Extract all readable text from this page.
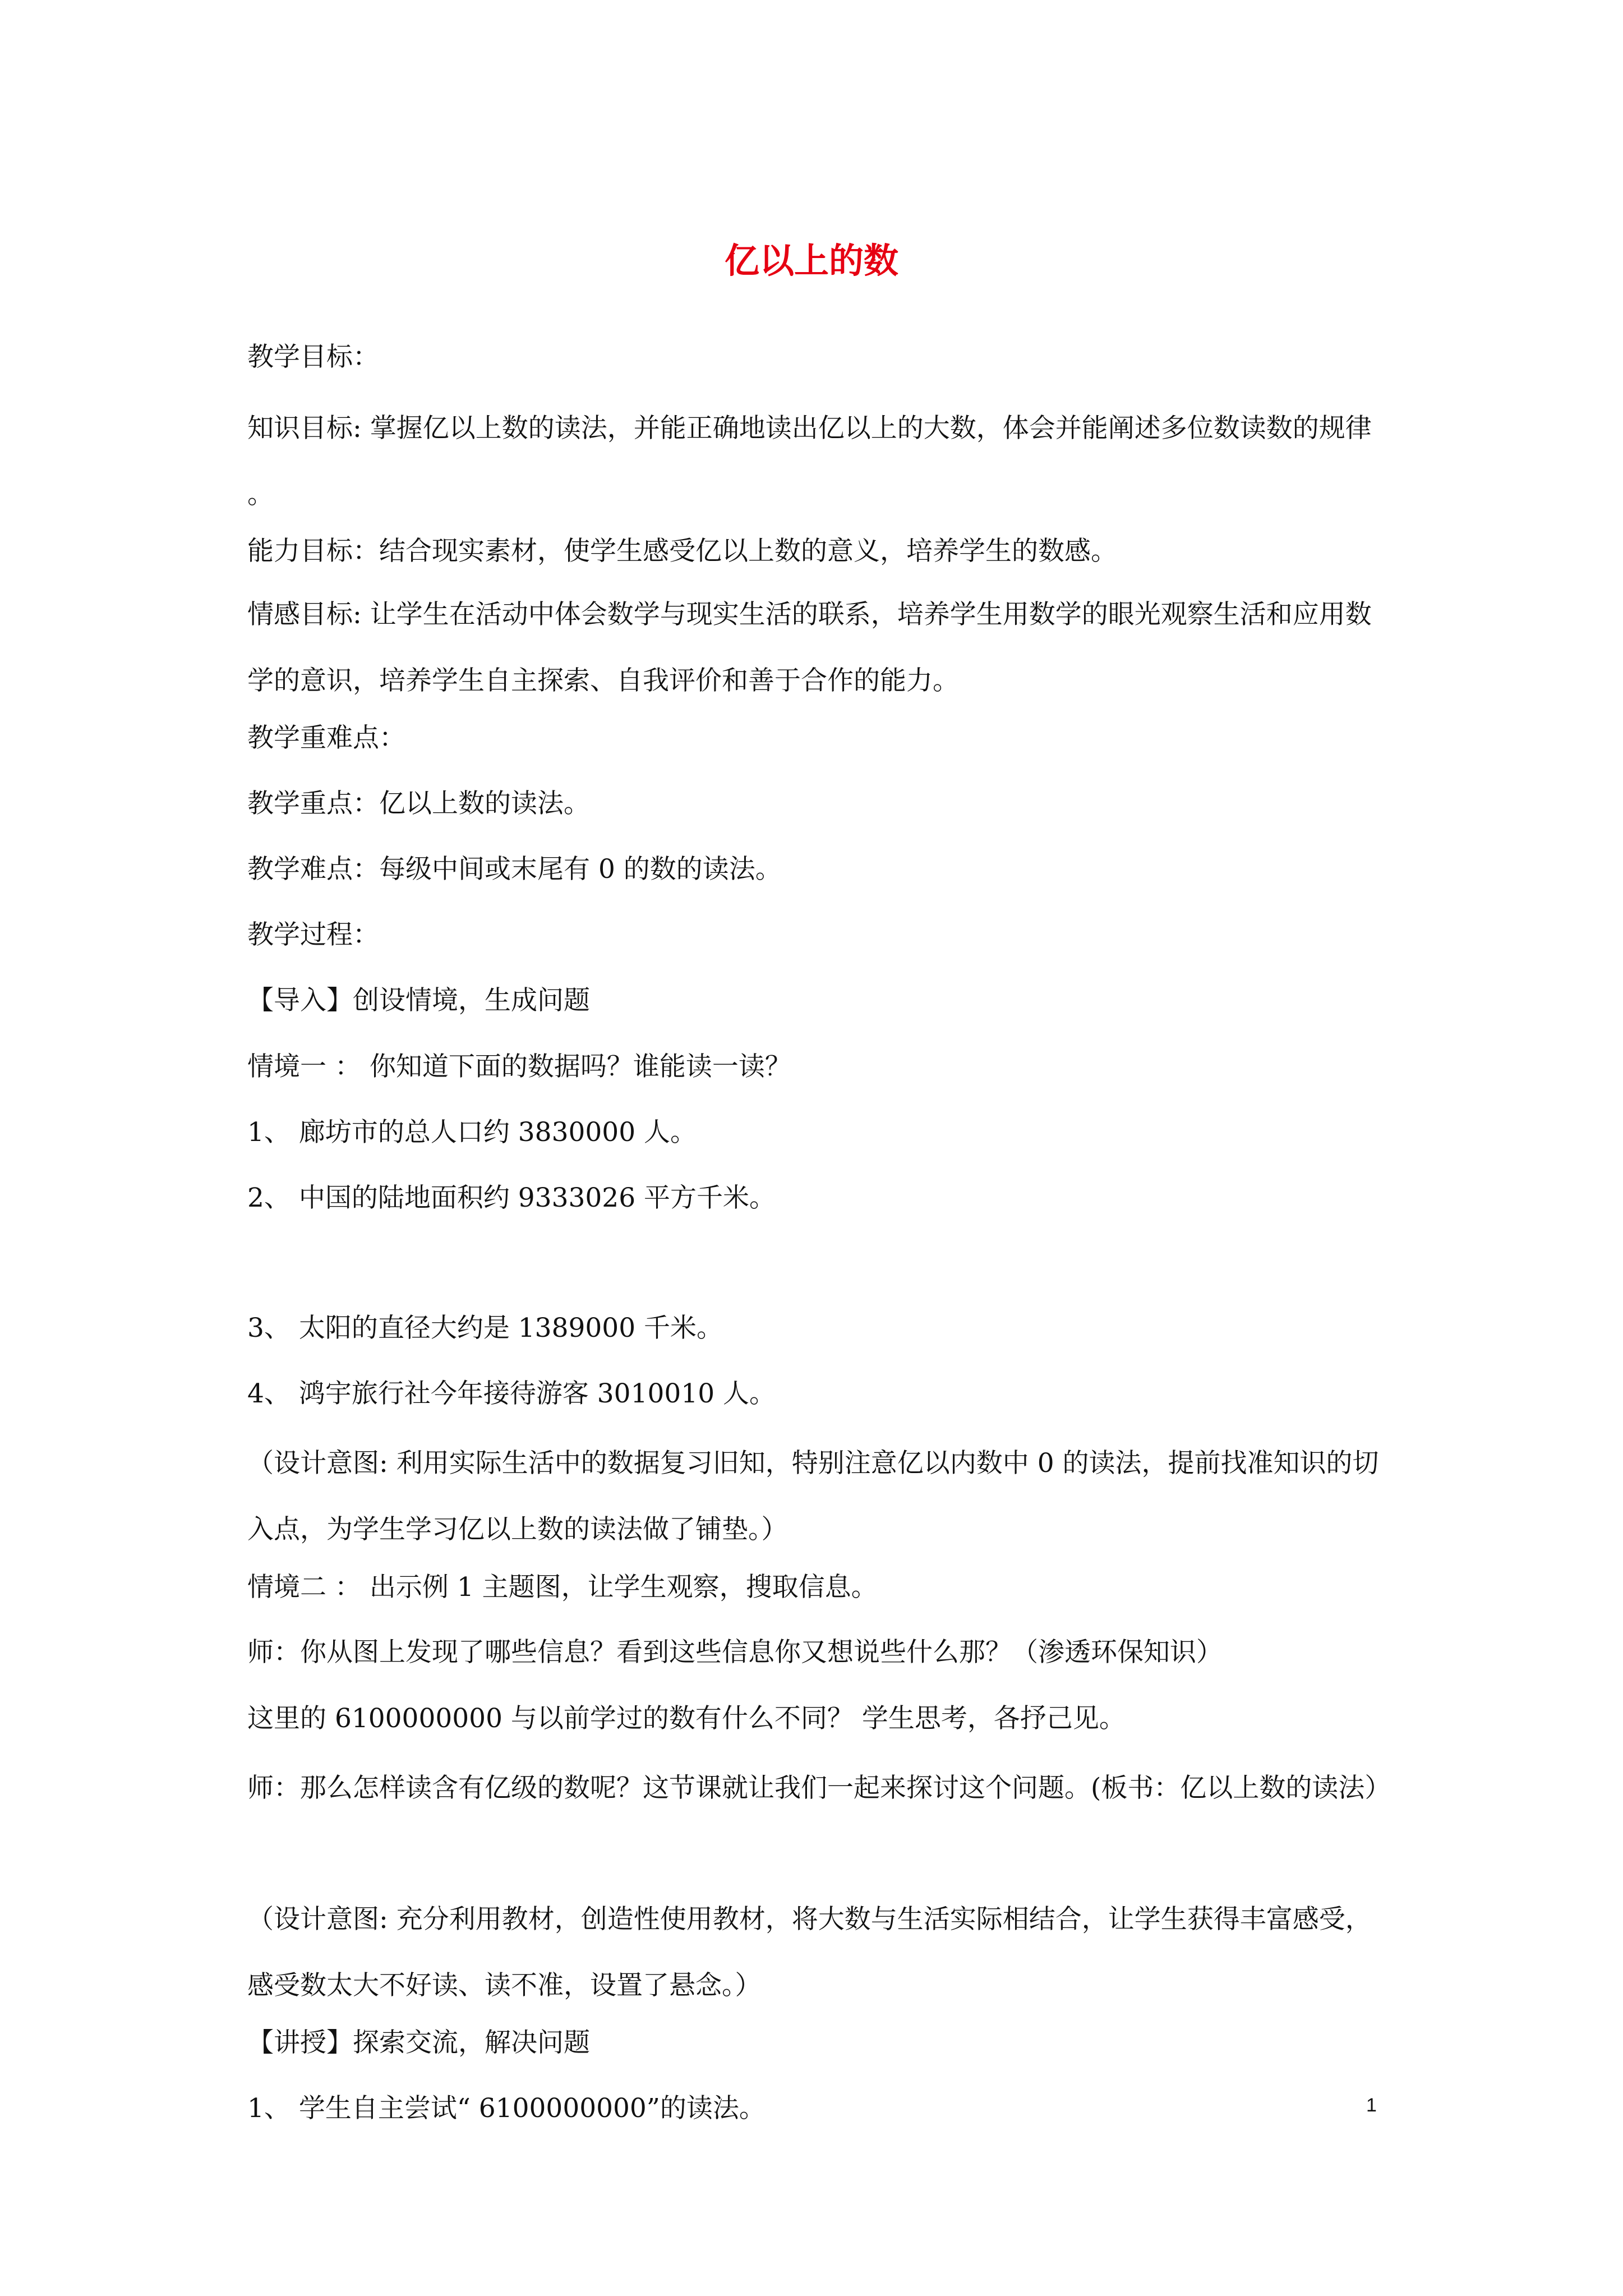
亿以上的数
教学目标：
知识目标: 掌握亿以上数的读法，并能正确地读出亿以上的大数，体会并能阐述多位数读数的规律 。
能力目标：结合现实素材，使学生感受亿以上数的意义，培养学生的数感。
情感目标: 让学生在活动中体会数学与现实生活的联系，培养学生用数学的眼光观察生活和应用数学的意识，培养学生自主探索、自我评价和善于合作的能力。
教学重难点：
教学重点：亿以上数的读法。
教学难点：每级中间或末尾有 0 的数的读法。
教学过程：
【导入】创设情境，生成问题
情境一 ： 你知道下面的数据吗？谁能读一读？
1、 廊坊市的总人口约 3830000 人。
2、 中国的陆地面积约 9333026 平方千米。
3、 太阳的直径大约是 1389000 千米。
4、 鸿宇旅行社今年接待游客 3010010 人。
（设计意图: 利用实际生活中的数据复习旧知，特别注意亿以内数中 0 的读法，提前找准知识的切入点，为学生学习亿以上数的读法做了铺垫。）
情境二 ： 出示例 1 主题图，让学生观察，搜取信息。
师：你从图上发现了哪些信息？看到这些信息你又想说些什么那？（渗透环保知识）
这里的 6100000000 与以前学过的数有什么不同？ 学生思考，各抒己见。
师：那么怎样读含有亿级的数呢？这节课就让我们一起来探讨这个问题。(板书：亿以上数的读法）
（设计意图: 充分利用教材，创造性使用教材，将大数与生活实际相结合，让学生获得丰富感受，感受数太大不好读、读不准，设置了悬念。）
【讲授】探索交流，解决问题
1、 学生自主尝试“ 6100000000”的读法。	1
